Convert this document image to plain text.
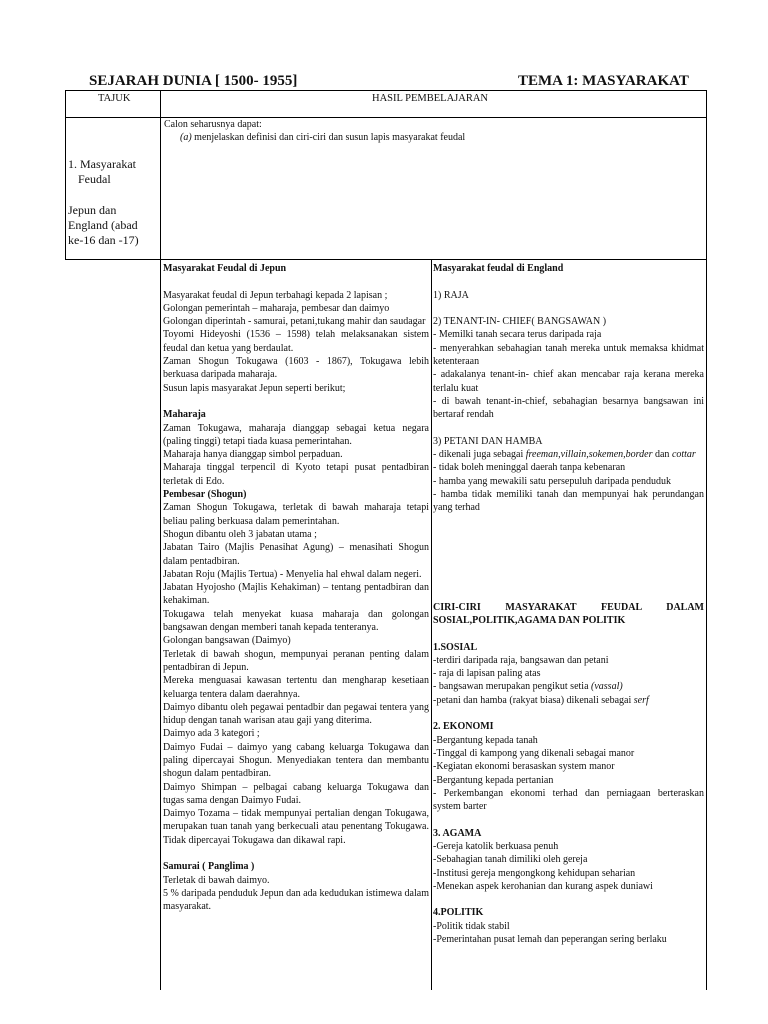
SEJARAH DUNIA [ 1500- 1955]	TEMA 1: MASYARAKAT
TAJUK	HASIL PEMBELAJARAN
1. Masyarakat
Feudal
Jepun dan
England (abad
ke-16 dan -17)
Calon seharusnya dapat:
(a) menjelaskan definisi dan ciri-ciri dan susun lapis masyarakat feudal

Masyarakat Feudal di Jepun

Masyarakat feudal di Jepun terbahagi kepada 2 lapisan ;

Golongan pemerintah – maharaja, pembesar dan daimyo

Golongan diperintah - samurai, petani,tukang mahir dan saudagar

Toyomi Hideyoshi (1536 – 1598) telah melaksanakan sistem feudal dan ketua yang berdaulat.

Zaman Shogun Tokugawa (1603 - 1867), Tokugawa lebih berkuasa daripada maharaja.

Susun lapis masyarakat Jepun seperti berikut;

Maharaja

Zaman Tokugawa, maharaja dianggap sebagai ketua negara (paling tinggi) tetapi tiada kuasa pemerintahan.

Maharaja hanya dianggap simbol perpaduan.

Maharaja tinggal terpencil di Kyoto tetapi pusat pentadbiran terletak di Edo.

Pembesar (Shogun)

Zaman Shogun Tokugawa, terletak di bawah maharaja tetapi beliau paling berkuasa dalam pemerintahan.

Shogun dibantu oleh 3 jabatan utama ;

Jabatan Tairo (Majlis Penasihat Agung) – menasihati Shogun dalam pentadbiran.

Jabatan Roju (Majlis Tertua) - Menyelia hal ehwal dalam negeri.

Jabatan Hyojosho (Majlis Kehakiman) – tentang pentadbiran dan kehakiman.

Tokugawa telah menyekat kuasa maharaja dan golongan bangsawan dengan memberi tanah kepada tenteranya.

Golongan bangsawan (Daimyo)

Terletak di bawah shogun, mempunyai peranan penting dalam pentadbiran di Jepun.

Mereka menguasai kawasan tertentu dan mengharap kesetiaan keluarga tentera dalam daerahnya.

Daimyo dibantu oleh pegawai pentadbir dan pegawai tentera yang hidup dengan tanah warisan atau gaji yang diterima.

Daimyo ada 3 kategori ;

Daimyo Fudai – daimyo yang cabang keluarga Tokugawa dan paling dipercayai Shogun. Menyediakan tentera dan membantu shogun dalam pentadbiran.

Daimyo Shimpan – pelbagai cabang keluarga Tokugawa dan tugas sama dengan Daimyo Fudai.

Daimyo Tozama – tidak mempunyai pertalian dengan Tokugawa, merupakan tuan tanah yang berkecuali atau penentang Tokugawa. Tidak dipercayai Tokugawa dan dikawal rapi.

Samurai ( Panglima )

Terletak di bawah daimyo.

5 % daripada penduduk Jepun dan ada kedudukan istimewa dalam masyarakat.

Masyarakat feudal di England

1) RAJA

2) TENANT-IN- CHIEF( BANGSAWAN )

- Memilki tanah secara terus daripada raja

- menyerahkan sebahagian tanah mereka untuk memaksa khidmat ketenteraan

- adakalanya tenant-in- chief akan mencabar raja kerana mereka terlalu kuat

- di bawah tenant-in-chief, sebahagian besarnya bangsawan ini bertaraf rendah

3) PETANI DAN HAMBA

- dikenali juga sebagai freeman,villain,sokemen,border dan cottar

- tidak boleh meninggal daerah tanpa kebenaran

- hamba yang mewakili satu persepuluh daripada penduduk

- hamba tidak memiliki tanah dan mempunyai hak perundangan yang terhad

CIRI-CIRI MASYARAKAT FEUDAL DALAM SOSIAL,POLITIK,AGAMA DAN POLITIK

1.SOSIAL

-terdiri daripada raja, bangsawan dan petani

- raja di lapisan paling atas

- bangsawan merupakan pengikut setia (vassal)

-petani dan hamba (rakyat biasa) dikenali sebagai serf

2. EKONOMI

-Bergantung kepada tanah

-Tinggal di kampong yang dikenali sebagai manor

-Kegiatan ekonomi berasaskan system manor

-Bergantung kepada pertanian

- Perkembangan ekonomi terhad dan perniagaan berteraskan system barter

3. AGAMA

-Gereja katolik berkuasa penuh

-Sebahagian tanah dimiliki oleh gereja

-Institusi gereja mengongkong kehidupan seharian

-Menekan aspek kerohanian dan kurang aspek duniawi

4.POLITIK

-Politik tidak stabil

-Pemerintahan pusat lemah dan peperangan sering berlaku
